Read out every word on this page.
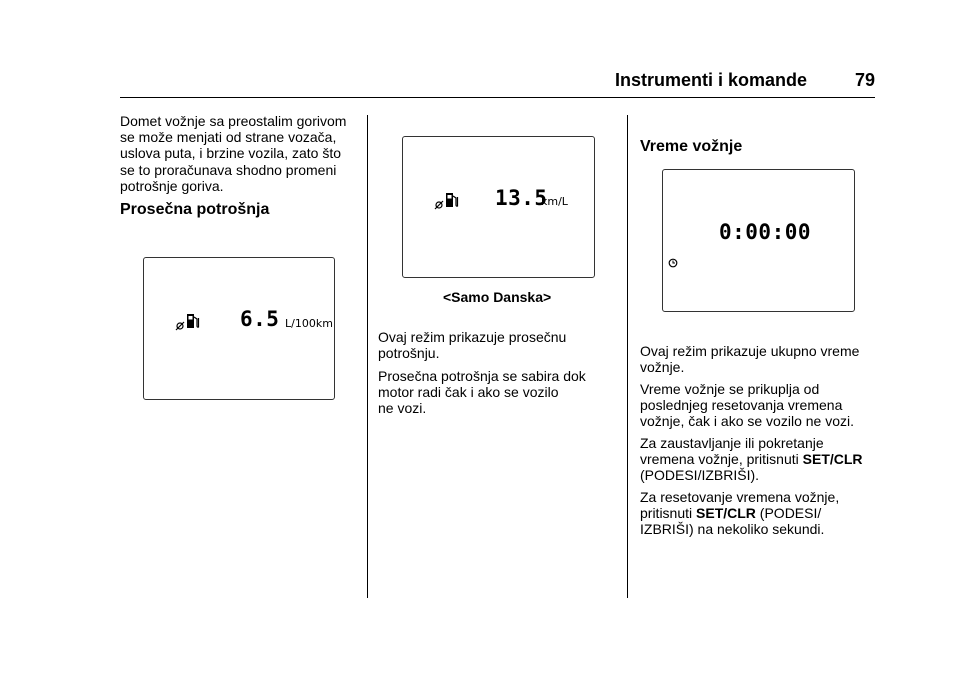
Instrumenti i komande	79
Domet vožnje sa preostalim gorivom
se može menjati od strane vozača,
uslova puta, i brzine vozila, zato što
se to proračunava shodno promeni
potrošnje goriva.
Prosečna potrošnja
6.5 L/100km
13.5
km/L
<Samo Danska>
Ovaj režim prikazuje prosečnu
potrošnju.
Prosečna potrošnja se sabira dok
motor radi čak i ako se vozilo
ne vozi.
Vreme vožnje
0:00:00
Ovaj režim prikazuje ukupno vreme
vožnje.
Vreme vožnje se prikuplja od
poslednjeg resetovanja vremena
vožnje, čak i ako se vozilo ne vozi.
Za zaustavljanje ili pokretanje
vremena vožnje, pritisnuti SET/CLR
(PODESI/IZBRIŠI).
Za resetovanje vremena vožnje,
pritisnuti SET/CLR (PODESI/
IZBRIŠI) na nekoliko sekundi.
